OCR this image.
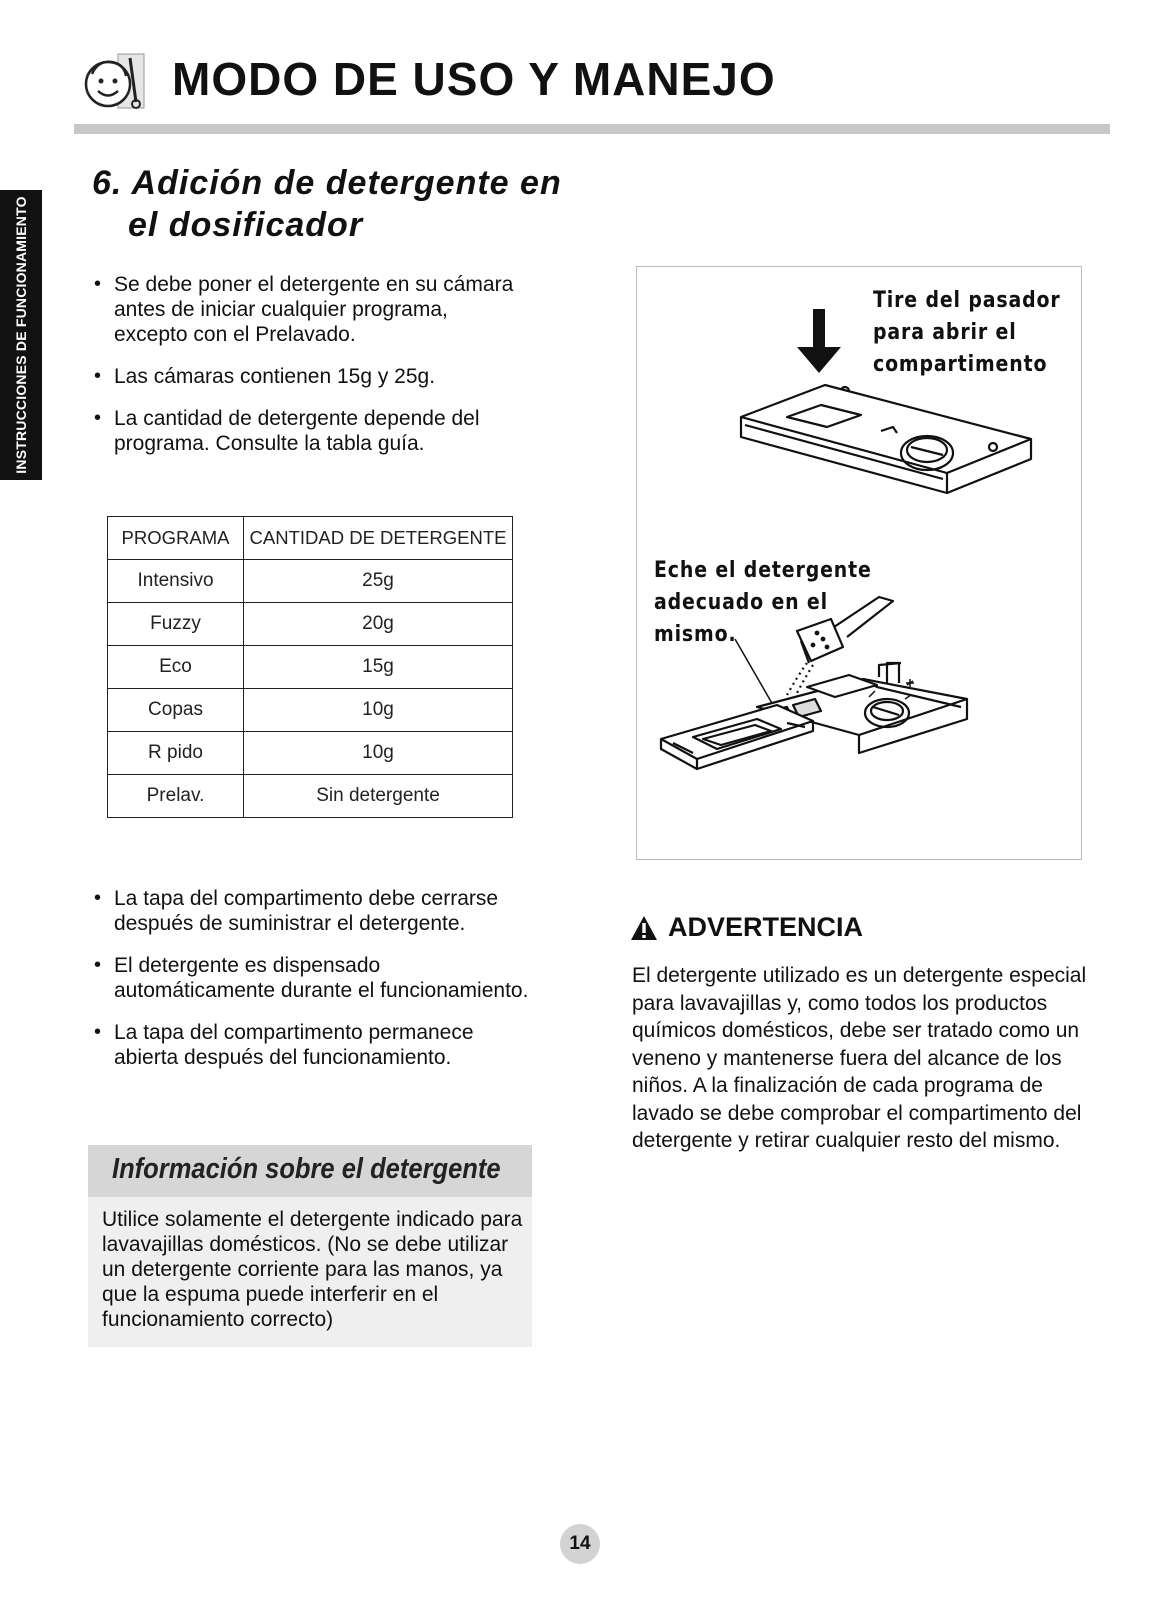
MODO DE USO Y MANEJO
INSTRUCCIONES DE FUNCIONAMIENTO
6. Adición de detergente en
el dosificador
• Se debe poner el detergente en su cámara antes de iniciar cualquier programa, excepto con el Prelavado.
• Las cámaras contienen 15g y 25g.
• La cantidad de detergente depende del programa. Consulte la tabla guía.
PROGRAMA	CANTIDAD DE DETERGENTE
Intensivo	25g
Fuzzy	20g
Eco	15g
Copas	10g
R pido	10g
Prelav.	Sin detergente
• La tapa del compartimento debe cerrarse después de suministrar el detergente.
• El detergente es dispensado automáticamente durante el funcionamiento.
• La tapa del compartimento permanece abierta después del funcionamiento.
Información sobre el detergente
Utilice solamente el detergente indicado para lavavajillas domésticos. (No se debe utilizar un detergente corriente para las manos, ya que la espuma puede interferir en el funcionamiento correcto)
Tire del pasador
para abrir el
compartimento
Eche el detergente
adecuado en el
mismo.
ADVERTENCIA
El detergente utilizado es un detergente especial para lavavajillas y, como todos los productos químicos domésticos, debe ser tratado como un veneno y mantenerse fuera del alcance de los niños. A la finalización de cada programa de lavado se debe comprobar el compartimento del detergente y retirar cualquier resto del mismo.
14
